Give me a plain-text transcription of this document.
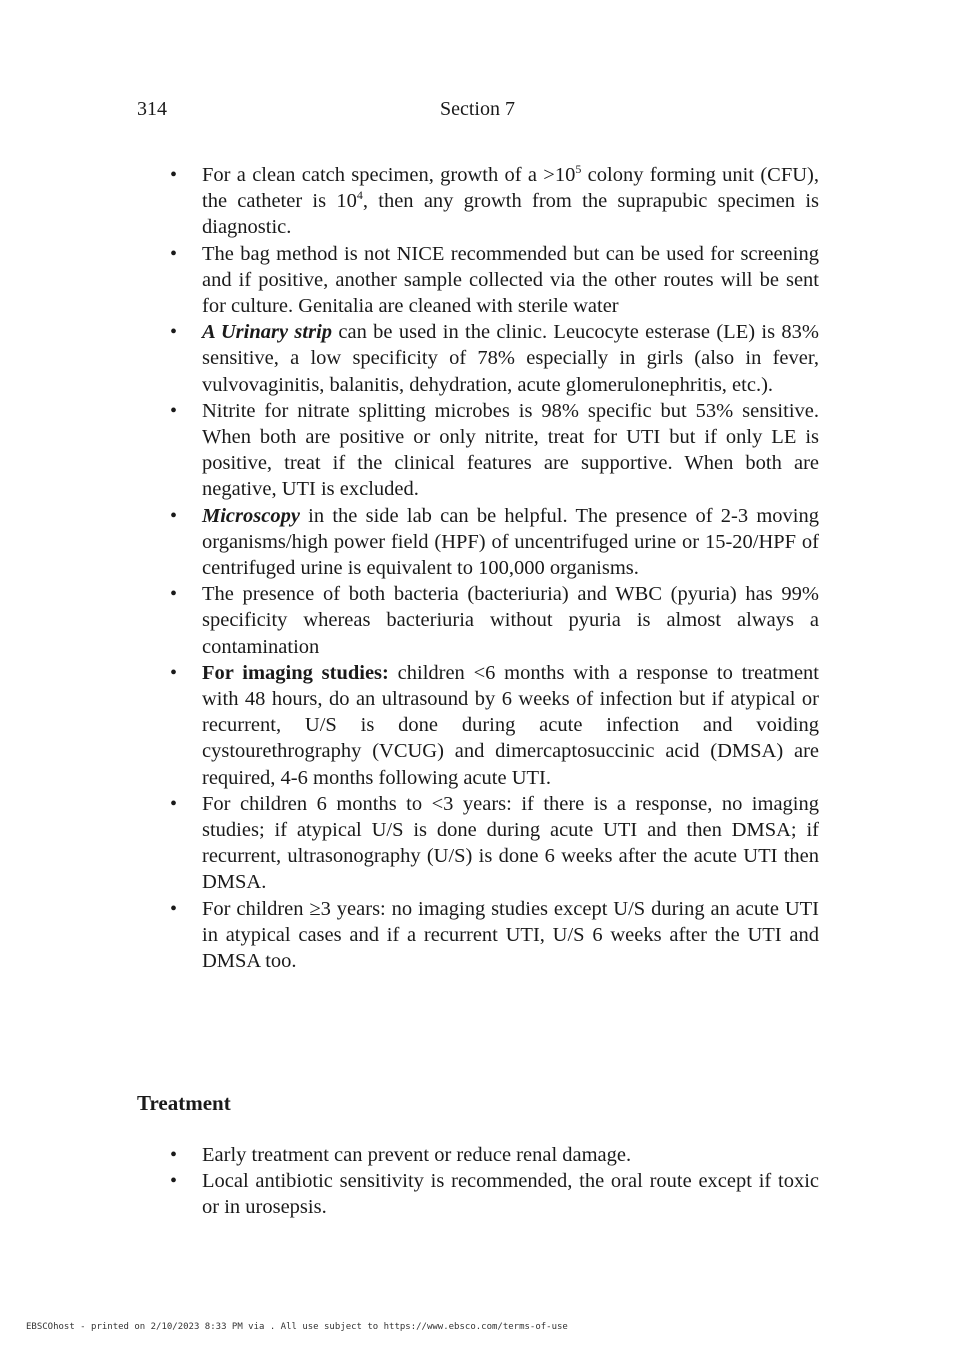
314	Section 7
• For a clean catch specimen, growth of $a >10^5$ colony forming unit (CFU), the catheter is $10^4$, then any growth from the suprapubic specimen is diagnostic.
• The bag method is not NICE recommended but can be used for screening and if positive, another sample collected via the other routes will be sent for culture. Genitalia are cleaned with sterile water
• A Urinary strip can be used in the clinic. Leucocyte esterase (LE) is 83% sensitive, a low specificity of 78% especially in girls (also in fever, vulvovaginitis, balanitis, dehydration, acute glomerulonephritis, etc.).
• Nitrite for nitrate splitting microbes is 98% specific but 53% sensitive. When both are positive or only nitrite, treat for UTI but if only LE is positive, treat if the clinical features are supportive. When both are negative, UTI is excluded.
• Microscopy in the side lab can be helpful. The presence of 2-3 moving organisms/high power field (HPF) of uncentrifuged urine or 15-20/HPF of centrifuged urine is equivalent to 100,000 organisms.
• The presence of both bacteria (bacteriuria) and WBC (pyuria) has 99% specificity whereas bacteriuria without pyuria is almost always a contamination
• For imaging studies: children <6 months with a response to treatment with 48 hours, do an ultrasound by 6 weeks of infection but if atypical or recurrent, U/S is done during acute infection and voiding cystourethrography (VCUG) and dimercaptosuccinic acid (DMSA) are required, 4-6 months following acute UTI.
• For children 6 months to <3 years: if there is a response, no imaging studies; if atypical U/S is done during acute UTI and then DMSA; if recurrent, ultrasonography (U/S) is done 6 weeks after the acute UTI then DMSA.
• For children ≥3 years: no imaging studies except U/S during an acute UTI in atypical cases and if a recurrent UTI, U/S 6 weeks after the UTI and DMSA too.
Treatment
• Early treatment can prevent or reduce renal damage.
• Local antibiotic sensitivity is recommended, the oral route except if toxic or in urosepsis.
EBSCOhost - printed on 2/10/2023 8:33 PM via . All use subject to https://www.ebsco.com/terms-of-use
